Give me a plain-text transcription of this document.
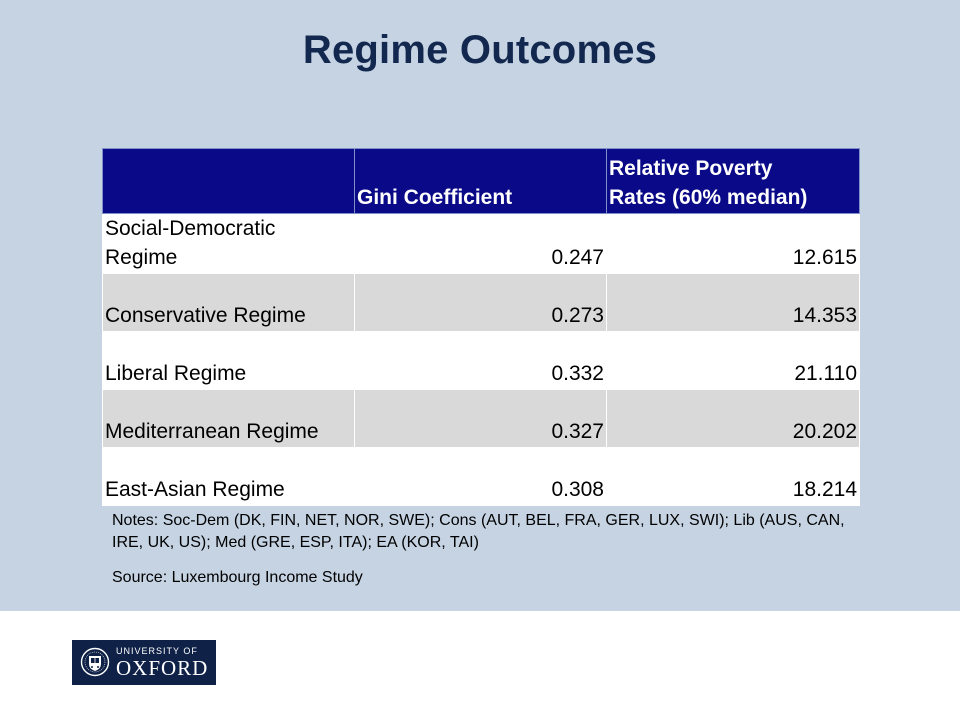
Regime Outcomes
	Gini Coefficient	Relative Poverty
Rates (60% median)
Social-Democratic
Regime	0.247	12.615
Conservative Regime	0.273	14.353
Liberal Regime	0.332	21.110
Mediterranean Regime	0.327	20.202
East-Asian Regime	0.308	18.214
Notes: Soc-Dem (DK, FIN, NET, NOR, SWE); Cons (AUT, BEL, FRA, GER, LUX, SWI); Lib (AUS, CAN, IRE, UK, US); Med (GRE, ESP, ITA); EA (KOR, TAI)
Source: Luxembourg Income Study
UNIVERSITY OF
OXFORD
